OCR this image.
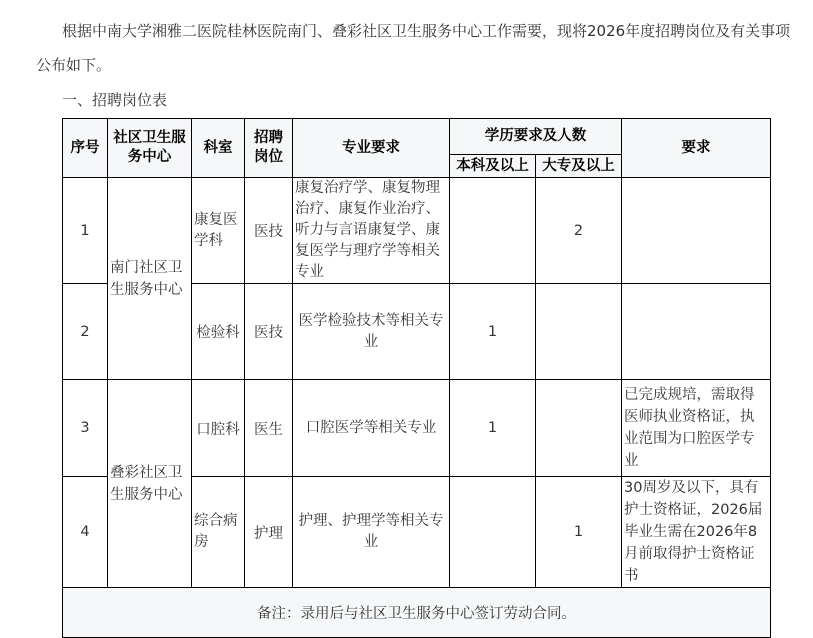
根据中南大学湘雅二医院桂林医院南门、叠彩社区卫生服务中心工作需要，现将2026年度招聘岗位及有关事项公布如下。

一、招聘岗位表

序号	社区卫生服务中心	科室	招聘岗位	专业要求	学历要求及人数		要求
					本科及以上	大专及以上	
1	南门社区卫生服务中心	康复医学科	医技	康复治疗学、康复物理治疗、康复作业治疗、听力与言语康复学、康复医学与理疗学等相关专业		2	
2		检验科	医技	医学检验技术等相关专业	1		
3	叠彩社区卫生服务中心	口腔科	医生	口腔医学等相关专业	1		已完成规培，需取得医师执业资格证，执业范围为口腔医学专业
4		综合病房	护理	护理、护理学等相关专业		1	30周岁及以下，具有护士资格证，2026届毕业生需在2026年8月前取得护士资格证书
备注：录用后与社区卫生服务中心签订劳动合同。							
